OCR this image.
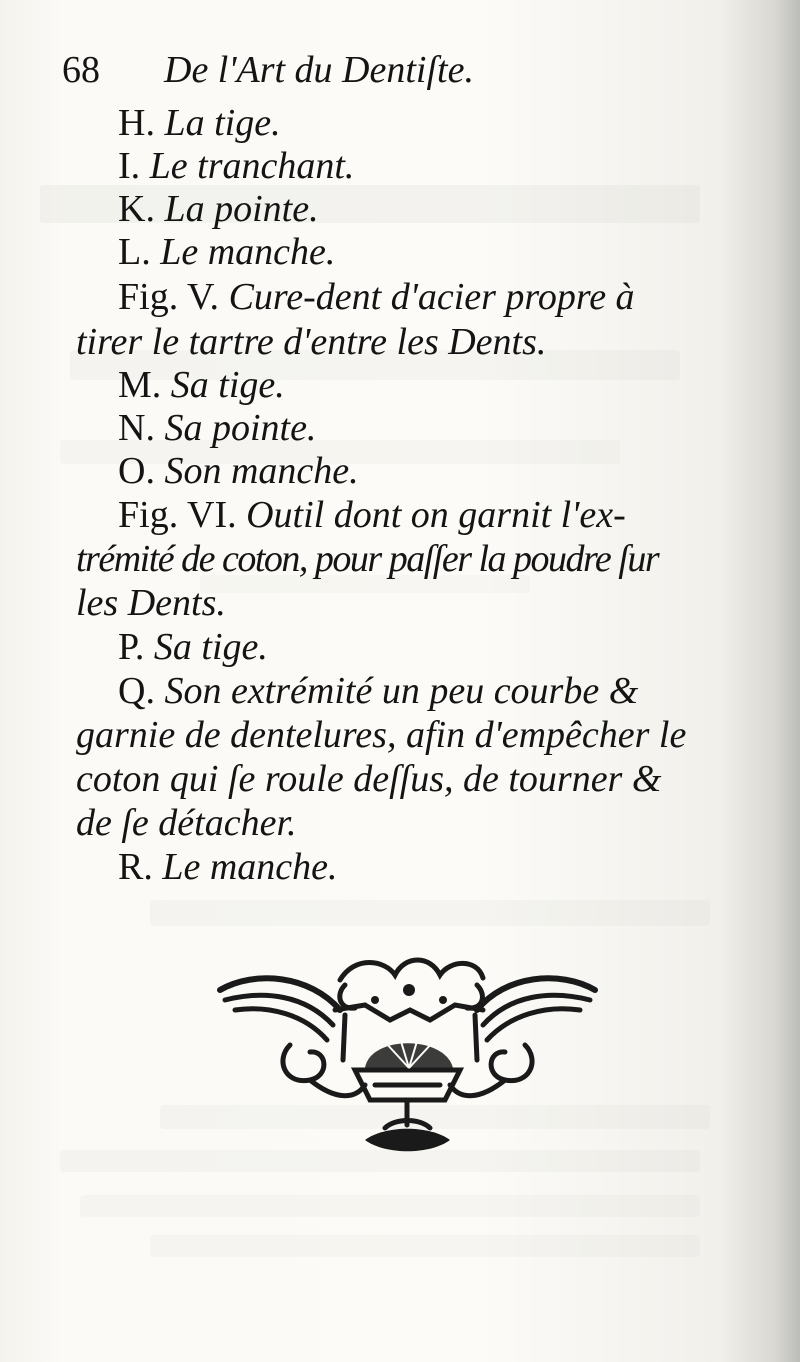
68 De l'Art du Dentiſte.
H. La tige.
I. Le tranchant.
K. La pointe.
L. Le manche.
Fig. V. Cure-dent d'acier propre à
tirer le tartre d'entre les Dents.
M. Sa tige.
N. Sa pointe.
O. Son manche.
Fig. VI. Outil dont on garnit l'ex-
trémité de coton, pour paſſer la poudre ſur
les Dents.
P. Sa tige.
Q. Son extrémité un peu courbe &
garnie de dentelures, afin d'empêcher le
coton qui ſe roule deſſus, de tourner &
de ſe détacher.
R. Le manche.
